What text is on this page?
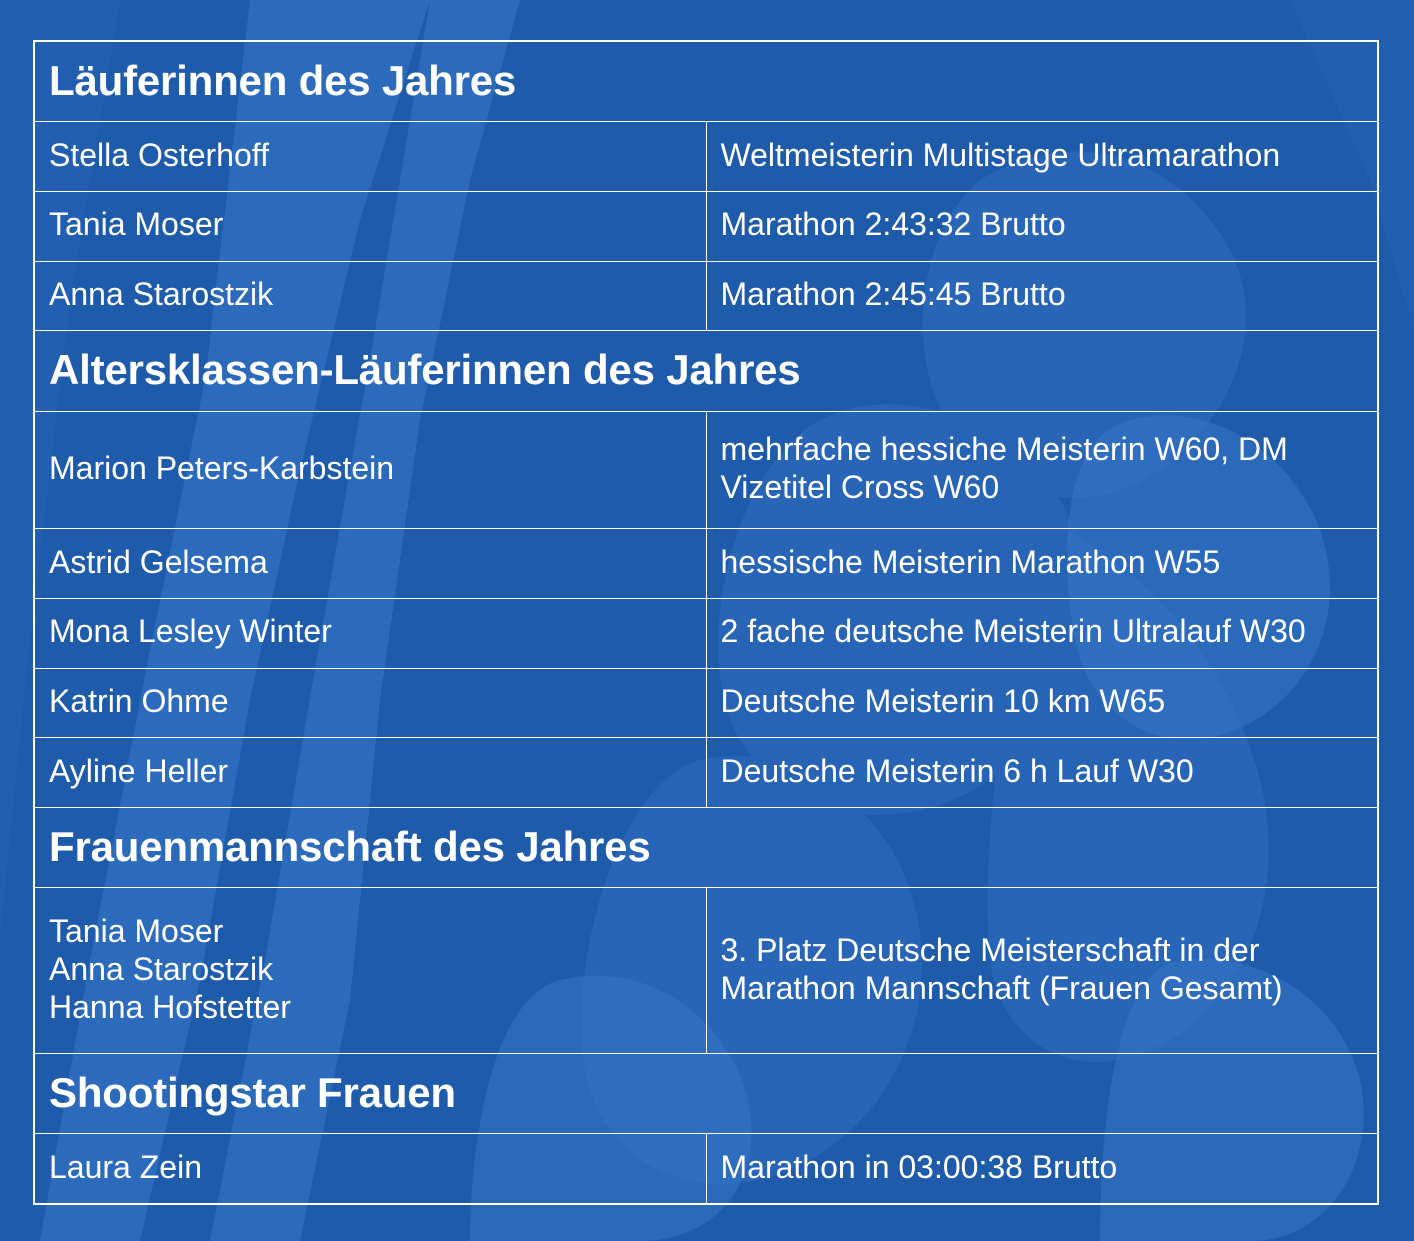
Läuferinnen des Jahres	

Stella Osterhoff	Weltmeisterin Multistage Ultramarathon

Tania Moser	Marathon 2:43:32 Brutto

Anna Starostzik	Marathon 2:45:45 Brutto

Altersklassen-Läuferinnen des Jahres	

Marion Peters-Karbstein	mehrfache hessiche Meisterin W60, DM Vizetitel Cross W60

Astrid Gelsema	hessische Meisterin Marathon W55

Mona Lesley Winter	2 fache deutsche Meisterin Ultralauf W30

Katrin Ohme	Deutsche Meisterin 10 km W65

Ayline Heller	Deutsche Meisterin 6 h Lauf W30

Frauenmannschaft des Jahres	

Tania Moser
Anna Starostzik
Hanna Hofstetter	3. Platz Deutsche Meisterschaft in der Marathon Mannschaft (Frauen Gesamt)

Shootingstar Frauen	

Laura Zein	Marathon in 03:00:38 Brutto
